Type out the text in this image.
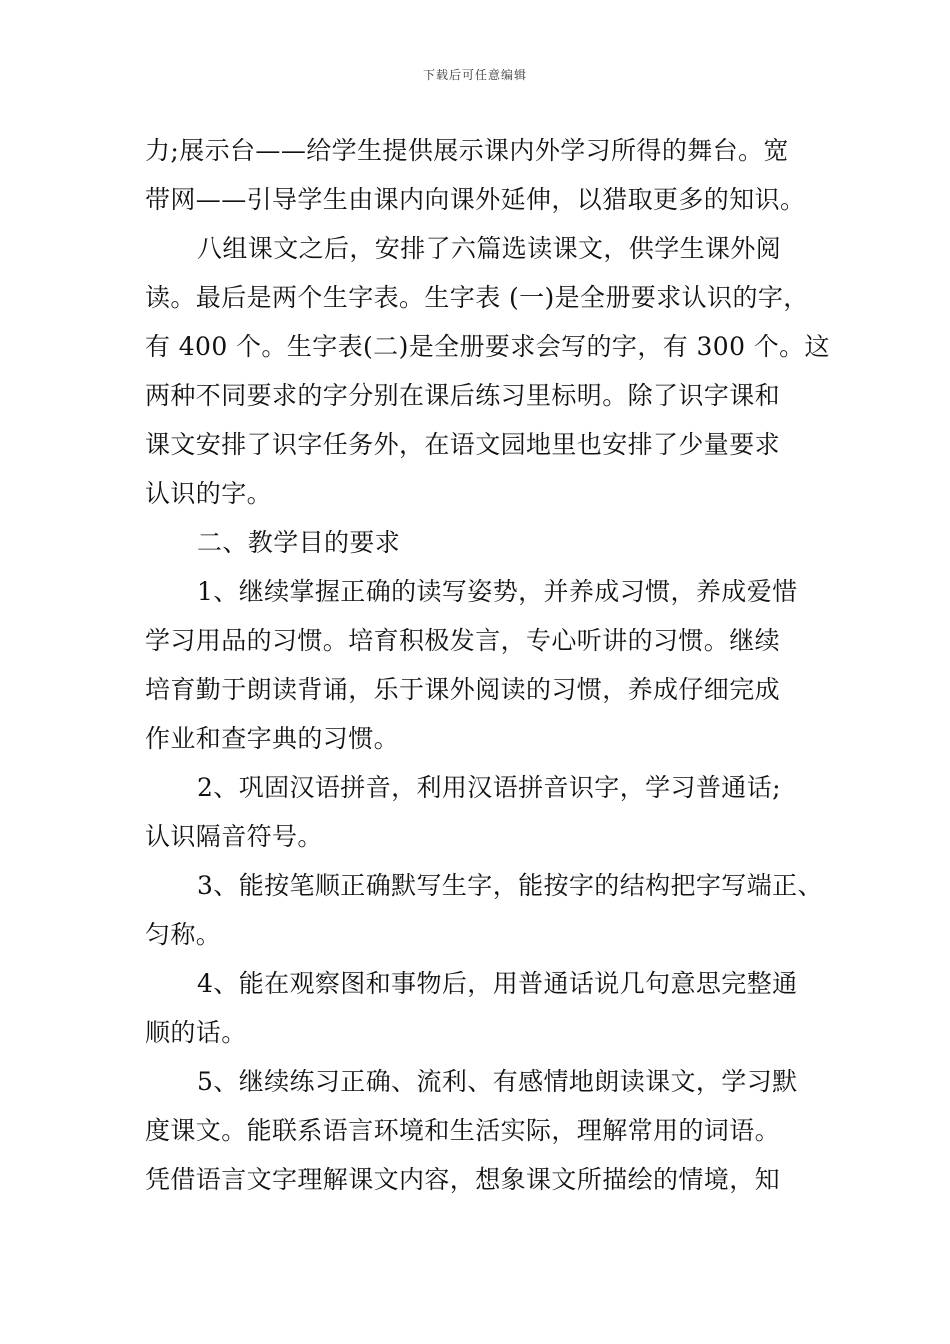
下载后可任意编辑
力;展示台——给学生提供展示课内外学习所得的舞台。宽
带网——引导学生由课内向课外延伸，以猎取更多的知识。
八组课文之后，安排了六篇选读课文，供学生课外阅
读。最后是两个生字表。生字表 (一)是全册要求认识的字，
有 400 个。生字表(二)是全册要求会写的字，有 300 个。这
两种不同要求的字分别在课后练习里标明。除了识字课和
课文安排了识字任务外，在语文园地里也安排了少量要求
认识的字。
二、教学目的要求
1、继续掌握正确的读写姿势，并养成习惯，养成爱惜
学习用品的习惯。培育积极发言，专心听讲的习惯。继续
培育勤于朗读背诵，乐于课外阅读的习惯，养成仔细完成
作业和查字典的习惯。
2、巩固汉语拼音，利用汉语拼音识字，学习普通话;
认识隔音符号。
3、能按笔顺正确默写生字，能按字的结构把字写端正、
匀称。
4、能在观察图和事物后，用普通话说几句意思完整通
顺的话。
5、继续练习正确、流利、有感情地朗读课文，学习默
度课文。能联系语言环境和生活实际，理解常用的词语。
凭借语言文字理解课文内容，想象课文所描绘的情境，知
